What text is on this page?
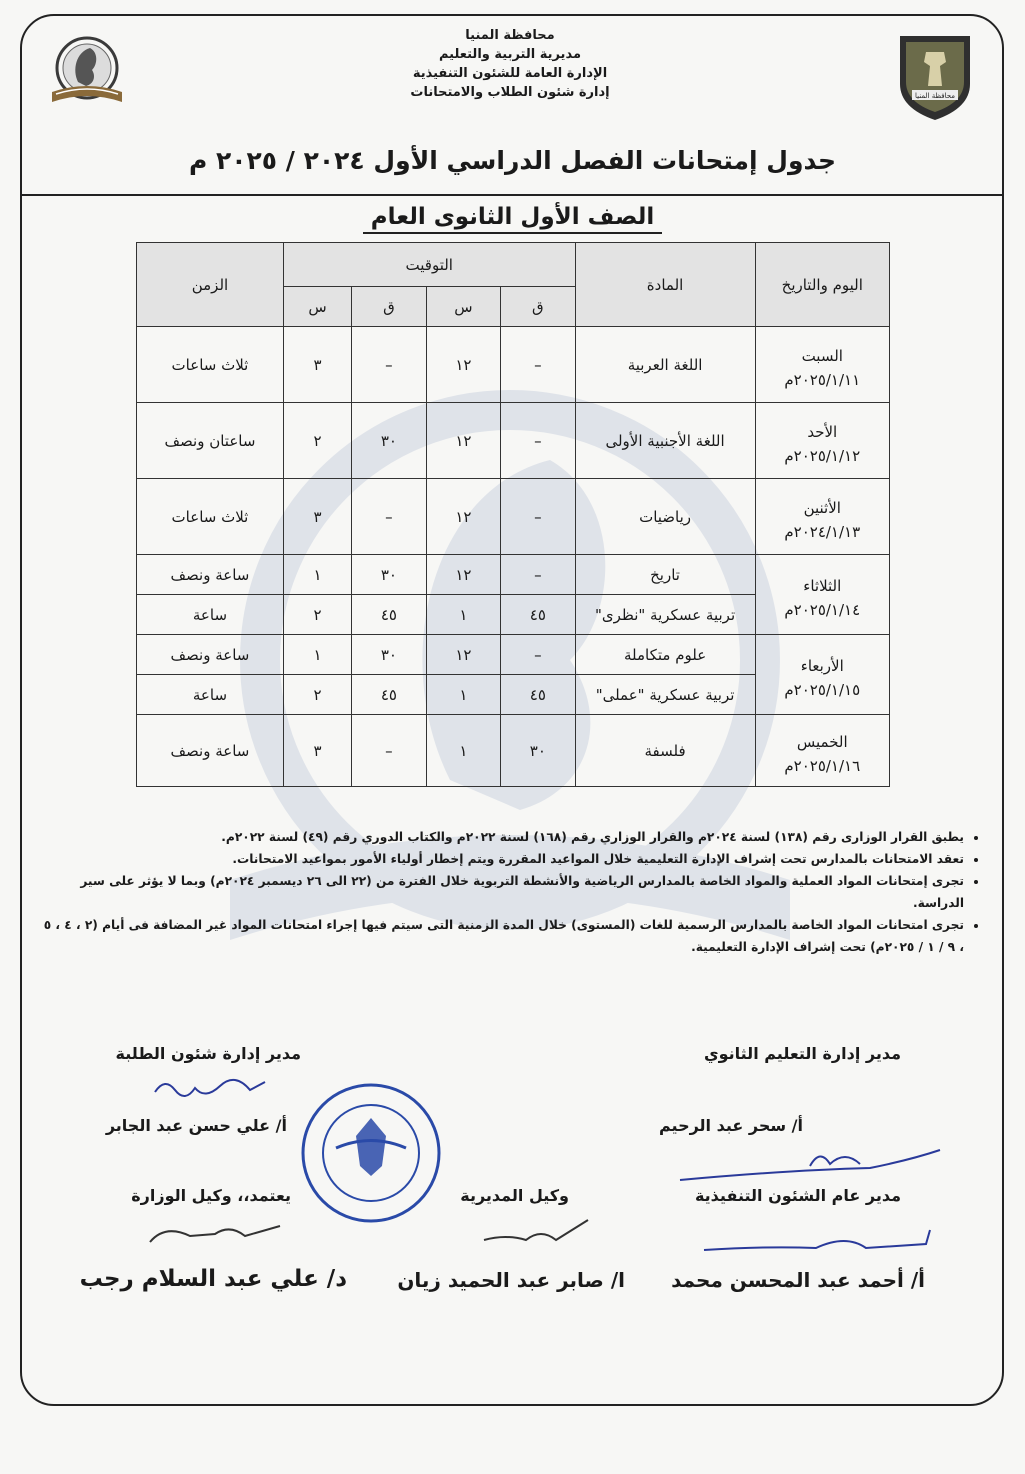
محافظة المنيا
محافظة المنيا
مديرية التربية والتعليم
الإدارة العامة للشئون التنفيذية
إدارة شئون الطلاب والامتحانات
جدول إمتحانات الفصل الدراسي الأول ٢٠٢٤ / ٢٠٢٥ م
الصف الأول الثانوى العام
اليوم والتاريخ	المادة	التوقيت				الزمن
		ق	س	ق	س	

السبت
٢٠٢٥/١/١١م	اللغة العربية	–	١٢	–	٣	ثلاث ساعات

الأحد
٢٠٢٥/١/١٢م	اللغة الأجنبية الأولى	–	١٢	٣٠	٢	ساعتان ونصف

الأثنين
٢٠٢٤/١/١٣م	رياضيات	–	١٢	–	٣	ثلاث ساعات

الثلاثاء
٢٠٢٥/١/١٤م	تاريخ	–	١٢	٣٠	١	ساعة ونصف
	تربية عسكرية "نظرى"	٤٥	١	٤٥	٢	ساعة

الأربعاء
٢٠٢٥/١/١٥م	علوم متكاملة	–	١٢	٣٠	١	ساعة ونصف
	تربية عسكرية "عملى"	٤٥	١	٤٥	٢	ساعة

الخميس
٢٠٢٥/١/١٦م	فلسفة	٣٠	١	–	٣	ساعة ونصف
• يطبق القرار الوزارى رقم (١٣٨) لسنة ٢٠٢٤م والقرار الوزاري رقم (١٦٨) لسنة ٢٠٢٢م والكتاب الدوري رقم (٤٩) لسنة ٢٠٢٢م.
• تعقد الامتحانات بالمدارس تحت إشراف الإدارة التعليمية خلال المواعيد المقررة ويتم إخطار أولياء الأمور بمواعيد الامتحانات.
• تجرى إمتحانات المواد العملية والمواد الخاصة بالمدارس الرياضية والأنشطة التربوية خلال الفترة من (٢٢ الى ٢٦ ديسمبر ٢٠٢٤م) وبما لا يؤثر على سير الدراسة.
• تجرى امتحانات المواد الخاصة بالمدارس الرسمية للغات (المستوى) خلال المدة الزمنية التى سيتم فيها إجراء امتحانات المواد غير المضافة فى أيام (٢ ، ٤ ، ٥ ، ٩ / ١ / ٢٠٢٥م) تحت إشراف الإدارة التعليمية.
مدير إدارة التعليم الثانوي
مدير إدارة شئون الطلبة
أ/ سحر عبد الرحيم
أ/ علي حسن عبد الجابر
مدير عام الشئون التنفيذية
وكيل المديرية
يعتمد،، وكيل الوزارة
أ/ أحمد عبد المحسن محمد
ا/ صابر عبد الحميد زيان
د/ علي عبد السلام رجب
